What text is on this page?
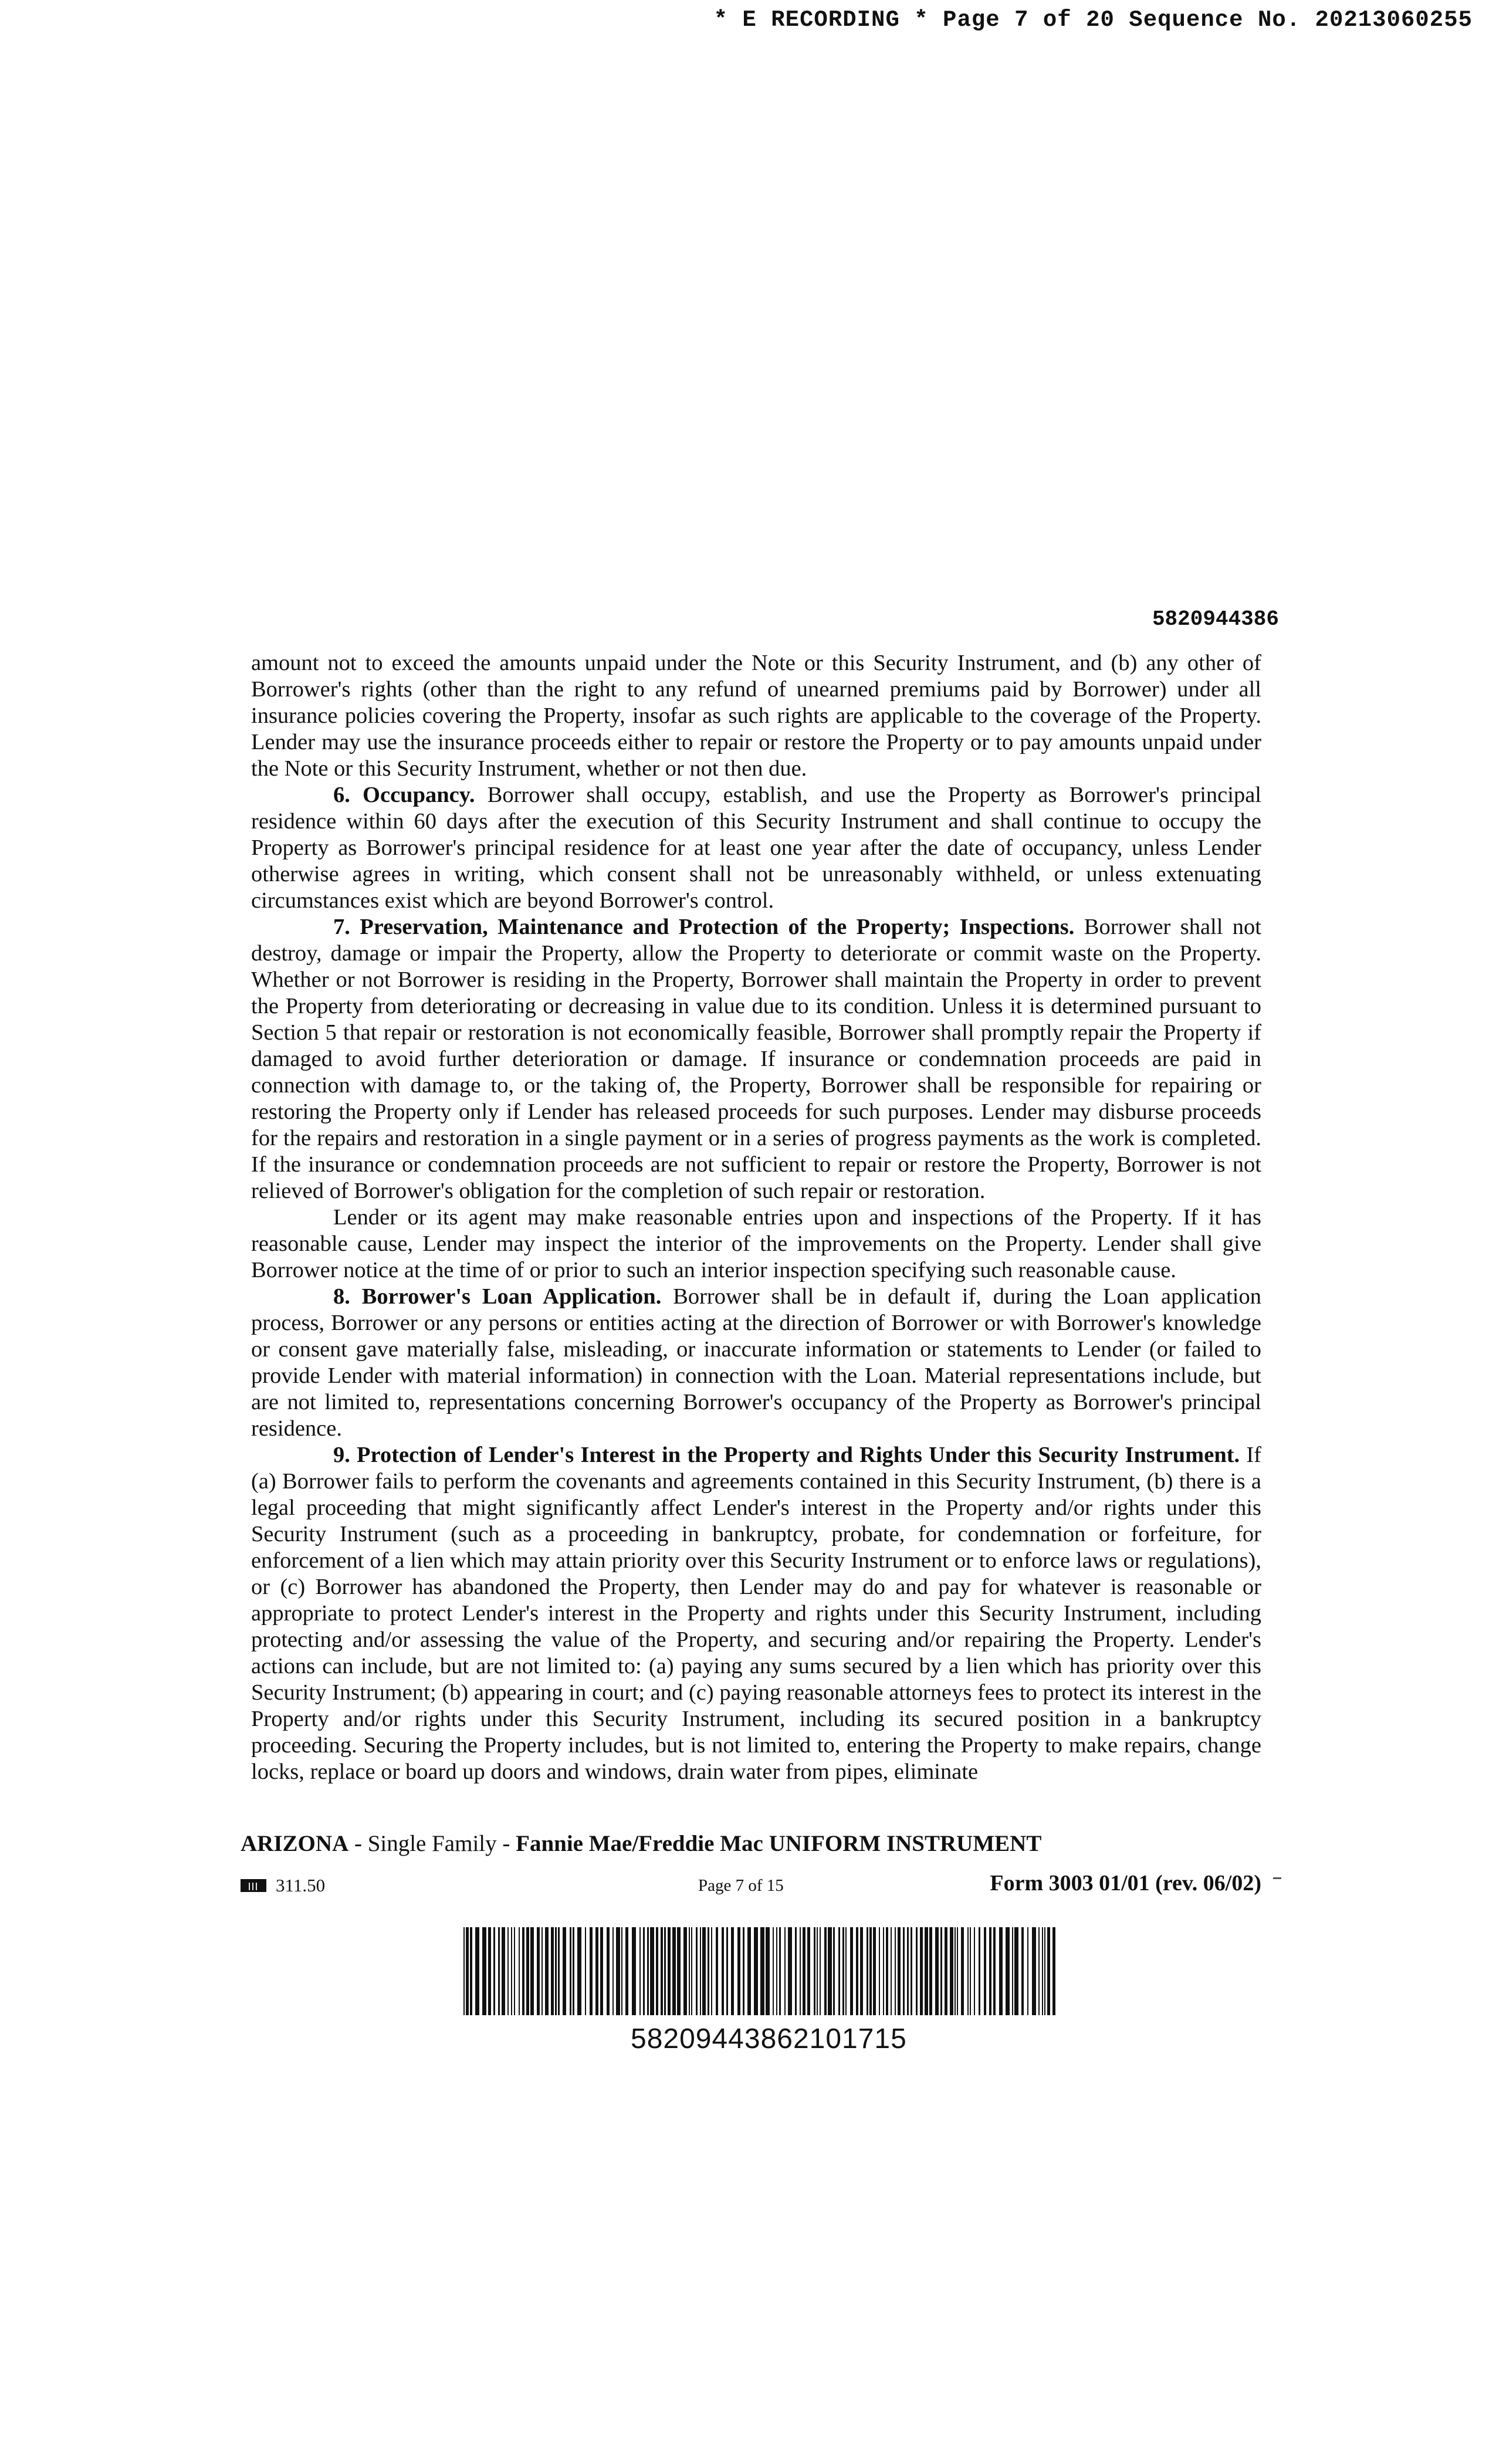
* E RECORDING * Page 7 of 20 Sequence No. 20213060255
5820944386

amount not to exceed the amounts unpaid under the Note or this Security Instrument, and (b) any other of Borrower's rights (other than the right to any refund of unearned premiums paid by Borrower) under all insurance policies covering the Property, insofar as such rights are applicable to the coverage of the Property. Lender may use the insurance proceeds either to repair or restore the Property or to pay amounts unpaid under the Note or this Security Instrument, whether or not then due.

6. Occupancy. Borrower shall occupy, establish, and use the Property as Borrower's principal residence within 60 days after the execution of this Security Instrument and shall continue to occupy the Property as Borrower's principal residence for at least one year after the date of occupancy, unless Lender otherwise agrees in writing, which consent shall not be unreasonably withheld, or unless extenuating circumstances exist which are beyond Borrower's control.

7. Preservation, Maintenance and Protection of the Property; Inspections. Borrower shall not destroy, damage or impair the Property, allow the Property to deteriorate or commit waste on the Property. Whether or not Borrower is residing in the Property, Borrower shall maintain the Property in order to prevent the Property from deteriorating or decreasing in value due to its condition. Unless it is determined pursuant to Section 5 that repair or restoration is not economically feasible, Borrower shall promptly repair the Property if damaged to avoid further deterioration or damage. If insurance or condemnation proceeds are paid in connection with damage to, or the taking of, the Property, Borrower shall be responsible for repairing or restoring the Property only if Lender has released proceeds for such purposes. Lender may disburse proceeds for the repairs and restoration in a single payment or in a series of progress payments as the work is completed. If the insurance or condemnation proceeds are not sufficient to repair or restore the Property, Borrower is not relieved of Borrower's obligation for the completion of such repair or restoration.

Lender or its agent may make reasonable entries upon and inspections of the Property. If it has reasonable cause, Lender may inspect the interior of the improvements on the Property. Lender shall give Borrower notice at the time of or prior to such an interior inspection specifying such reasonable cause.

8. Borrower's Loan Application. Borrower shall be in default if, during the Loan application process, Borrower or any persons or entities acting at the direction of Borrower or with Borrower's knowledge or consent gave materially false, misleading, or inaccurate information or statements to Lender (or failed to provide Lender with material information) in connection with the Loan. Material representations include, but are not limited to, representations concerning Borrower's occupancy of the Property as Borrower's principal residence.

9. Protection of Lender's Interest in the Property and Rights Under this Security Instrument. If (a) Borrower fails to perform the covenants and agreements contained in this Security Instrument, (b) there is a legal proceeding that might significantly affect Lender's interest in the Property and/or rights under this Security Instrument (such as a proceeding in bankruptcy, probate, for condemnation or forfeiture, for enforcement of a lien which may attain priority over this Security Instrument or to enforce laws or regulations), or (c) Borrower has abandoned the Property, then Lender may do and pay for whatever is reasonable or appropriate to protect Lender's interest in the Property and rights under this Security Instrument, including protecting and/or assessing the value of the Property, and securing and/or repairing the Property. Lender's actions can include, but are not limited to: (a) paying any sums secured by a lien which has priority over this Security Instrument; (b) appearing in court; and (c) paying reasonable attorneys fees to protect its interest in the Property and/or rights under this Security Instrument, including its secured position in a bankruptcy proceeding. Securing the Property includes, but is not limited to, entering the Property to make repairs, change locks, replace or board up doors and windows, drain water from pipes, eliminate

ARIZONA - Single Family - Fannie Mae/Freddie Mac UNIFORM INSTRUMENT
||| 311.50	Page 7 of 15	Form 3003 01/01 (rev. 06/02)
58209443862101715
